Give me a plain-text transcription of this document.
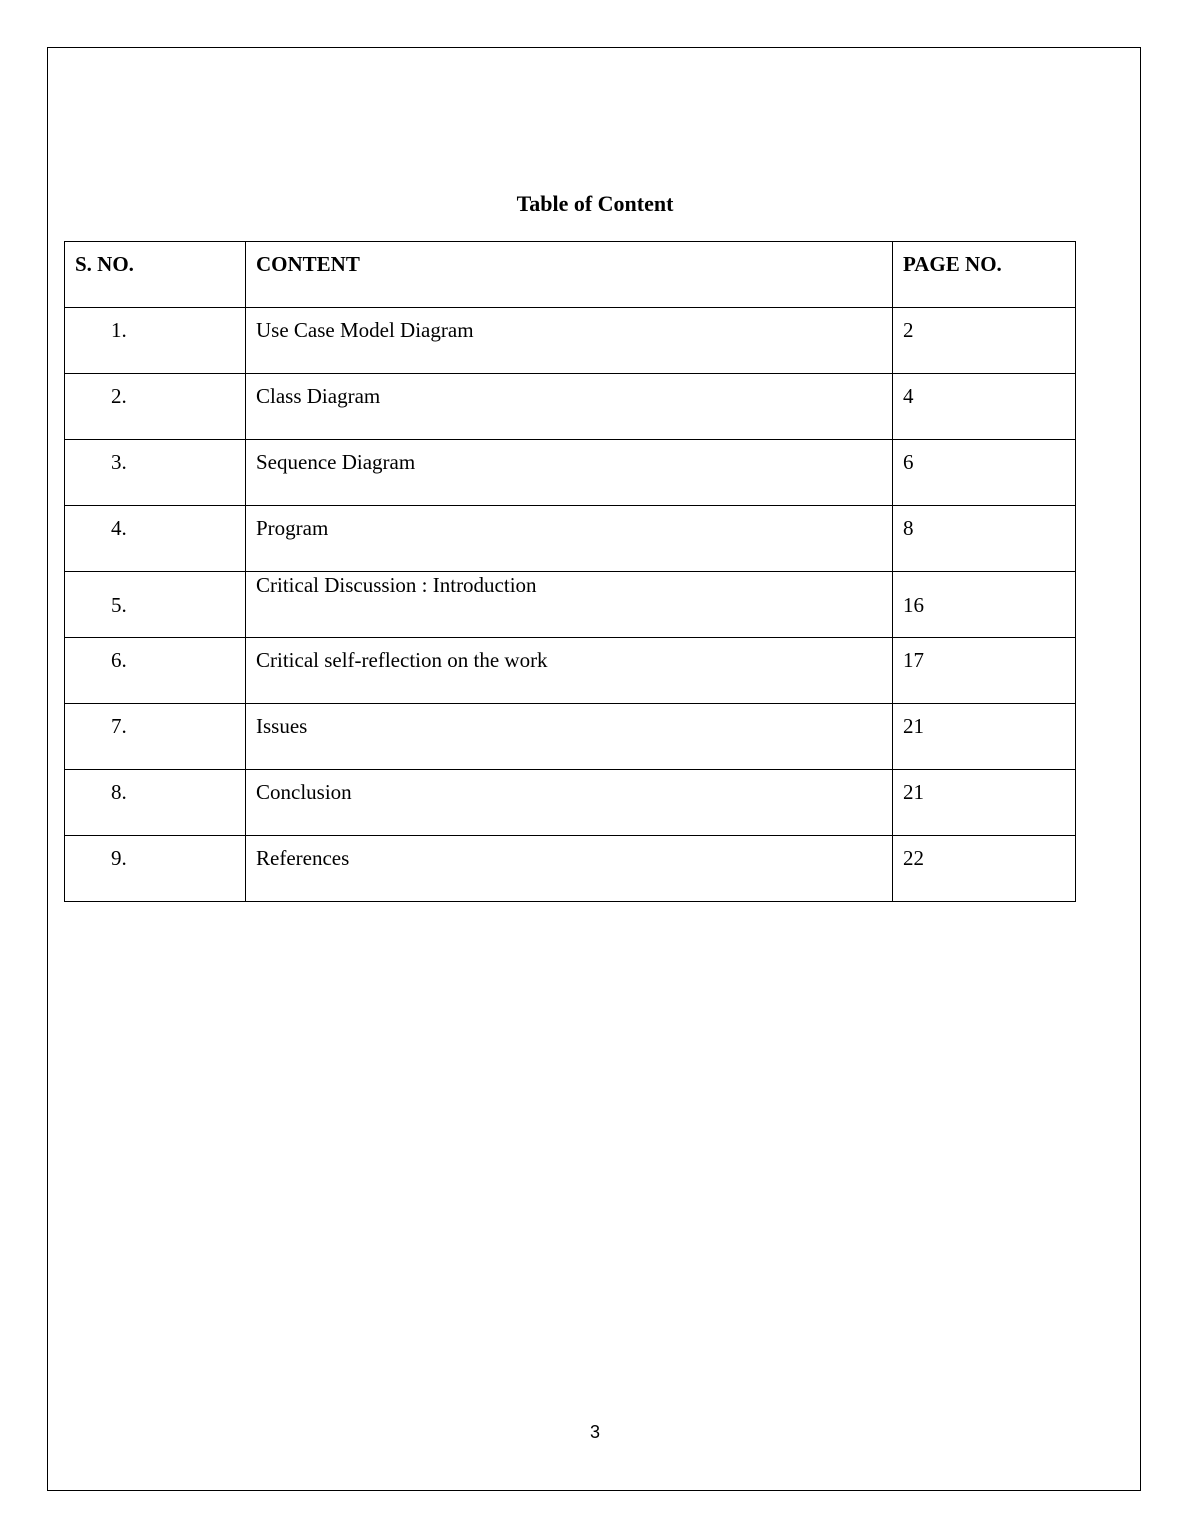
Table of Content
S. NO.	CONTENT	PAGE NO.
1.	Use Case Model Diagram	2
2.	Class Diagram	4
3.	Sequence Diagram	6
4.	Program	8
5.	Critical Discussion : Introduction	16
6.	Critical self-reflection on the work	17
7.	Issues	21
8.	Conclusion	21
9.	References	22
3
